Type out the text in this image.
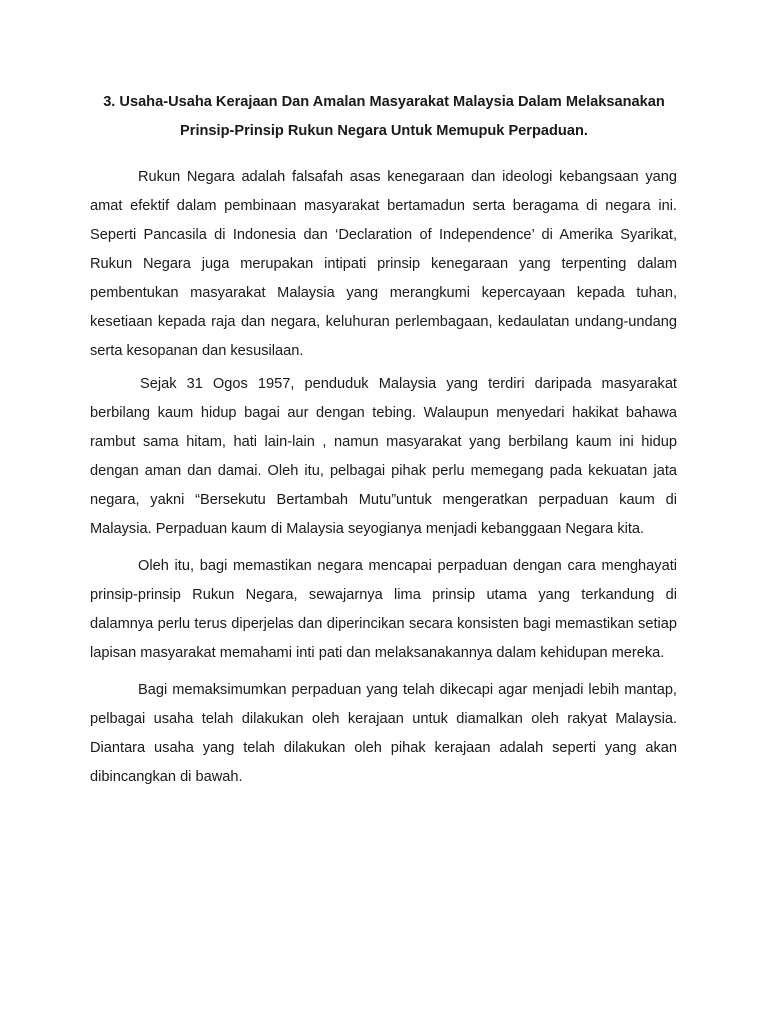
3. Usaha-Usaha Kerajaan Dan Amalan Masyarakat Malaysia Dalam Melaksanakan Prinsip-Prinsip Rukun Negara Untuk Memupuk Perpaduan.

Rukun Negara adalah falsafah asas kenegaraan dan ideologi kebangsaan yang amat efektif dalam pembinaan masyarakat bertamadun serta beragama di negara ini. Seperti Pancasila di Indonesia dan ‘Declaration of Independence’ di Amerika Syarikat, Rukun Negara juga merupakan intipati prinsip kenegaraan yang terpenting dalam pembentukan masyarakat Malaysia yang merangkumi kepercayaan kepada tuhan, kesetiaan kepada raja dan negara, keluhuran perlembagaan, kedaulatan undang-undang serta kesopanan dan kesusilaan.

Sejak 31 Ogos 1957, penduduk Malaysia yang terdiri daripada masyarakat berbilang kaum hidup bagai aur dengan tebing. Walaupun menyedari hakikat bahawa rambut sama hitam, hati lain-lain , namun masyarakat yang berbilang kaum ini hidup dengan aman dan damai. Oleh itu, pelbagai pihak perlu memegang pada kekuatan jata negara, yakni “Bersekutu Bertambah Mutu”untuk mengeratkan perpaduan kaum di Malaysia. Perpaduan kaum di Malaysia seyogianya menjadi kebanggaan Negara kita.

Oleh itu, bagi memastikan negara mencapai perpaduan dengan cara menghayati prinsip-prinsip Rukun Negara, sewajarnya lima prinsip utama yang terkandung di dalamnya perlu terus diperjelas dan diperincikan secara konsisten bagi memastikan setiap lapisan masyarakat memahami inti pati dan melaksanakannya dalam kehidupan mereka.

Bagi memaksimumkan perpaduan yang telah dikecapi agar menjadi lebih mantap, pelbagai usaha telah dilakukan oleh kerajaan untuk diamalkan oleh rakyat Malaysia. Diantara usaha yang telah dilakukan oleh pihak kerajaan adalah seperti yang akan dibincangkan di bawah.
